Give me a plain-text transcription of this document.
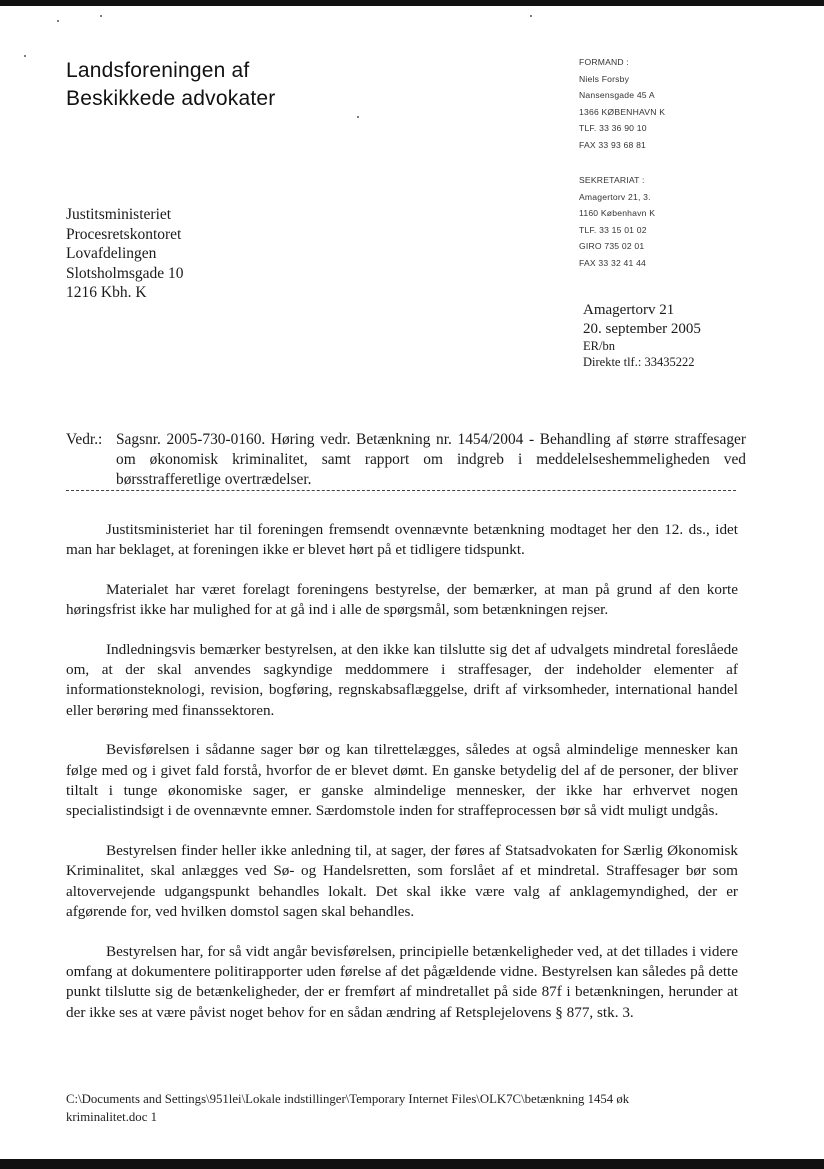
Landsforeningen af
Beskikkede advokater
FORMAND :
Niels Forsby
Nansensgade 45 A
1366 KØBENHAVN K
TLF. 33 36 90 10
FAX 33 93 68 81
SEKRETARIAT :
Amagertorv 21, 3.
1160 København K
TLF. 33 15 01 02
GIRO 735 02 01
FAX 33 32 41 44
Justitsministeriet
Procesretskontoret
Lovafdelingen
Slotsholmsgade 10
1216 Kbh. K
Amagertorv 21
20. september 2005
ER/bn
Direkte tlf.: 33435222
Vedr.: Sagsnr. 2005-730-0160. Høring vedr. Betænkning nr. 1454/2004 - Behandling af større straffesager om økonomisk kriminalitet, samt rapport om indgreb i meddelelseshemmeligheden ved børsstrafferetlige overtrædelser.

Justitsministeriet har til foreningen fremsendt ovennævnte betænkning modtaget her den 12. ds., idet man har beklaget, at foreningen ikke er blevet hørt på et tidligere tidspunkt.

Materialet har været forelagt foreningens bestyrelse, der bemærker, at man på grund af den korte høringsfrist ikke har mulighed for at gå ind i alle de spørgsmål, som betænkningen rejser.

Indledningsvis bemærker bestyrelsen, at den ikke kan tilslutte sig det af udvalgets mindretal foreslåede om, at der skal anvendes sagkyndige meddommere i straffesager, der indeholder elementer af informationsteknologi, revision, bogføring, regnskabsaflæggelse, drift af virksomheder, international handel eller berøring med finanssektoren.

Bevisførelsen i sådanne sager bør og kan tilrettelægges, således at også almindelige mennesker kan følge med og i givet fald forstå, hvorfor de er blevet dømt. En ganske betydelig del af de personer, der bliver tiltalt i tunge økonomiske sager, er ganske almindelige mennesker, der ikke har erhvervet nogen specialistindsigt i de ovennævnte emner. Særdomstole inden for straffeprocessen bør så vidt muligt undgås.

Bestyrelsen finder heller ikke anledning til, at sager, der føres af Statsadvokaten for Særlig Økonomisk Kriminalitet, skal anlægges ved Sø- og Handelsretten, som forslået af et mindretal. Straffesager bør som altovervejende udgangspunkt behandles lokalt. Det skal ikke være valg af anklagemyndighed, der er afgørende for, ved hvilken domstol sagen skal behandles.

Bestyrelsen har, for så vidt angår bevisførelsen, principielle betænkeligheder ved, at det tillades i videre omfang at dokumentere politirapporter uden førelse af det pågældende vidne. Bestyrelsen kan således på dette punkt tilslutte sig de betænkeligheder, der er fremført af mindretallet på side 87f i betænkningen, herunder at der ikke ses at være påvist noget behov for en sådan ændring af Retsplejelovens § 877, stk. 3.

C:\Documents and Settings\951lei\Lokale indstillinger\Temporary Internet Files\OLK7C\betænkning 1454 øk
kriminalitet.doc 1
